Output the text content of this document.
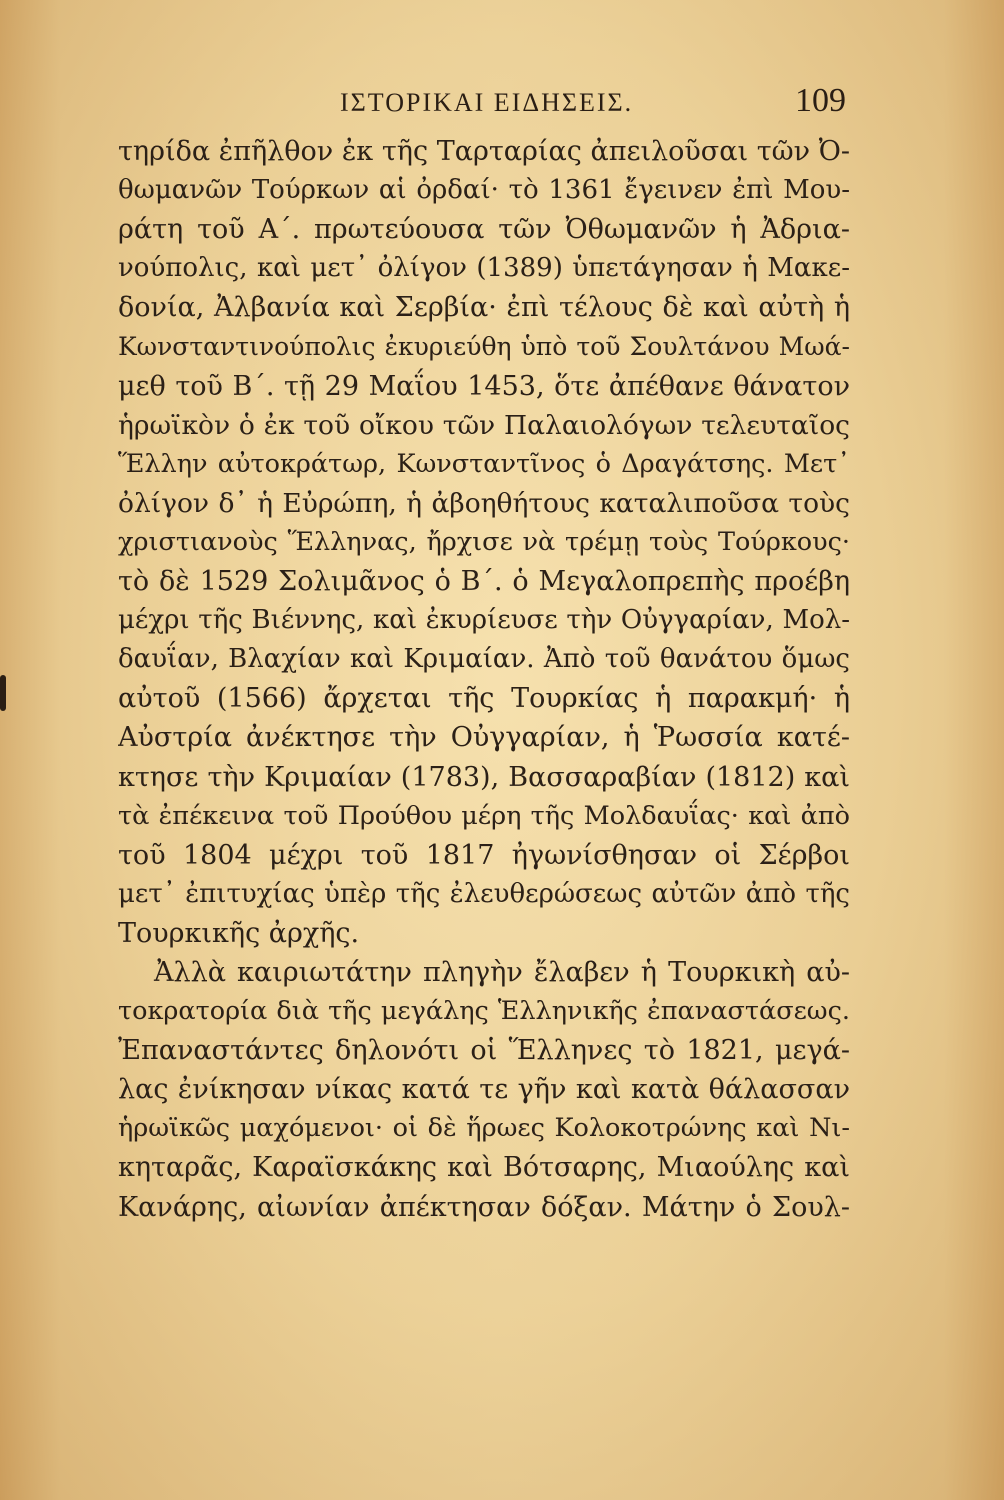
ΙΣΤΟΡΙΚΑΙ ΕΙΔΗΣΕΙΣ.	109
τηρίδα ἐπῆλθον ἐκ τῆς Ταρταρίας ἀπειλοῦσαι τῶν Ὀ-
θωμανῶν Τούρκων αἱ ὀρδαί· τὸ 1361 ἔγεινεν ἐπὶ Μου-
ράτη τοῦ Α΄. πρωτεύουσα τῶν Ὀθωμανῶν ἡ Ἀδρια-
νούπολις, καὶ μετ᾽ ὀλίγον (1389) ὑπετάγησαν ἡ Μακε-
δονία, Ἀλβανία καὶ Σερβία· ἐπὶ τέλους δὲ καὶ αὐτὴ ἡ
Κωνσταντινούπολις ἐκυριεύθη ὑπὸ τοῦ Σουλτάνου Μωά-
μεθ τοῦ Β΄. τῇ 29 Μαΐου 1453, ὅτε ἀπέθανε θάνατον
ἡρωϊκὸν ὁ ἐκ τοῦ οἴκου τῶν Παλαιολόγων τελευταῖος
Ἕλλην αὐτοκράτωρ, Κωνσταντῖνος ὁ Δραγάτσης. Μετ᾽
ὀλίγον δ᾽ ἡ Εὐρώπη, ἡ ἀβοηθήτους καταλιποῦσα τοὺς
χριστιανοὺς Ἕλληνας, ἤρχισε νὰ τρέμῃ τοὺς Τούρκους·
τὸ δὲ 1529 Σολιμᾶνος ὁ Β΄. ὁ Μεγαλοπρεπὴς προέβη
μέχρι τῆς Βιέννης, καὶ ἐκυρίευσε τὴν Οὐγγαρίαν, Μολ-
δαυΐαν, Βλαχίαν καὶ Κριμαίαν. Ἀπὸ τοῦ θανάτου ὅμως
αὐτοῦ (1566) ἄρχεται τῆς Τουρκίας ἡ παρακμή· ἡ
Αὐστρία ἀνέκτησε τὴν Οὐγγαρίαν, ἡ Ῥωσσία κατέ-
κτησε τὴν Κριμαίαν (1783), Βασσαραβίαν (1812) καὶ
τὰ ἐπέκεινα τοῦ Προύθου μέρη τῆς Μολδαυΐας· καὶ ἀπὸ
τοῦ 1804 μέχρι τοῦ 1817 ἠγωνίσθησαν οἱ Σέρβοι
μετ᾽ ἐπιτυχίας ὑπὲρ τῆς ἐλευθερώσεως αὐτῶν ἀπὸ τῆς
Τουρκικῆς ἀρχῆς.
Ἀλλὰ καιριωτάτην πληγὴν ἔλαβεν ἡ Τουρκικὴ αὐ-
τοκρατορία διὰ τῆς μεγάλης Ἑλληνικῆς ἐπαναστάσεως.
Ἐπαναστάντες δηλονότι οἱ Ἕλληνες τὸ 1821, μεγά-
λας ἐνίκησαν νίκας κατά τε γῆν καὶ κατὰ θάλασσαν
ἡρωϊκῶς μαχόμενοι· οἱ δὲ ἥρωες Κολοκοτρώνης καὶ Νι-
κηταρᾶς, Καραϊσκάκης καὶ Βότσαρης, Μιαούλης καὶ
Κανάρης, αἰωνίαν ἀπέκτησαν δόξαν. Μάτην ὁ Σουλ-
